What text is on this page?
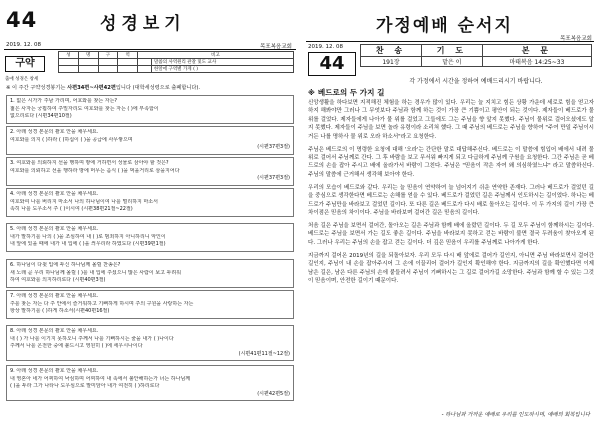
44	성경보기
2019. 12. 08	목포복음교회
구약
출애 성경은 창세
성	명	구	역	비고	
					말씀의 사역원리 관찰 및도 교사
					한알에 구역별 가게 ( )
※ 이 주간 구약성경봉기는 사편34편~사편42편입니다 (대학세성령으로 출폐합니다).
1. 없은 시가가 주남 가리며, 어호와를 찾는 자는?
젊은 사자는 궁핍하여 주밀자리도 여호와를 찾는 자는 ( )에 부족함이
없으리로다 (시편34편10절)
2. 아래 성경 본문의 괄호 안을 채우세요.
여호와를 의지 ( )하라 ( )하십이 ( )을 공급에 사무쌓으며
(시편37편3절)
3. 여호와를 의뢰하지 선을 행하며 땅에 거하면서 성물로 삼아야 할 것은?
여호와를 의뢰하고 선을 행하라 땅에 머무는 음식 ( )을 먹을거리로 삼을지어다
(시편37편3절)
4. 아래 성경 본문의 괄호 안을 채우세요.
여호와여 나를 버리지 마소서 나의 하나님이여 나를 멀리하지 마소서
속히 나를 도우소서 주 ( )이시여 (시편38편21절~22절)
5. 아래 성경 본문의 괄호 안을 채우세요.
내가 말하기를 나의 ( )을 조심하여 내 ( )로 범죄하지 아니하리니 악인이
내 앞에 있을 때에 내가 내 입에 ( )을 씌우리라 하였도다 (시편39편1절)
6. 하나님이 다윗 입에 두신 하나님께 올릴 찬송은?
새 노래 곧 우리 하나님께 올릴 ( )를 내 입에 주셨으니 많은 사람이 보고 두려워
하여 여호와를 의지하리로다 (시편40편3절)
7. 아래 성경 본문의 괄호 안을 채우세요.
주를 찾는 자는 다 주 안에서 즐거워하고 기뻐하게 하시며 주의 구원을 사랑하는 자는
항상 말하기를 ( )하게 하소서(시편40편16절)
8. 아래 성경 본문의 괄호 안을 채우세요.
내 ( ) 가 나를 이기지 못하오니 주께서 나를 기뻐하시는 줄을 내가 ( )나이다
주께서 나를 온전한 중에 붙드시고 영원히 ( )에 세우시나이다
(시편41편11절~12절)
9. 아래 성경 본문의 괄호 안을 채우세요.
내 영혼아 네가 어찌하여 낙심하며 어찌하여 내 속에서 불안해하는가 너는 하나님께
( )을 두라 그가 나타나 도우심으로 말미암아 내가 여전히 ( )하리로다
(시편42편5절)
가정예배 순서지
목포복음교회
2019. 12. 08
44
찬 송	기 도	본 문
191장	맡은 이	마태복음 14:25~33
각 가정에서 시간을 정하여 예배드리시기 바랍니다.
※ 베드로의 두 가지 길

신앙생활을 하다보면 지적해진 체험을 하는 경우가 많이 있다. 우리는 늘 지치고 힘든 상황 가운데 세로로 힘을 얻고자 하지 해봐야만 그러나 그 무엇보다 주님과 함께 하는 것이 가장 큰 기쁨이고 평안이 되는 것이다. 제자들이 베드로가 물 위를 걸었다. 제자들에게 나아가 물 위를 걸었고 그들에도 그는 주님을 향 앞지 못했다. 주님이 물위로 걸어오셨에도 알지 못했다. 제자들이 주님을 보면 놀라 유령이라 소리쳐 했다. 그 때 주님의 베드로는 주님을 향하여 "주여 만일 주님이시거든 나를 명하사 물 위로 오라 하소서"라고 요청한다.

주님은 베드로의 이 명령한 요청에 대해 '오라'는 간단한 말로 대답해주신다. 베드로는 이 말씀에 힘입어 배에서 내려 물위로 걸어서 주님께로 간다. 그 후 바람을 보고 무서워 빠지게 되고 다급하게 주님께 구원을 요청한다. 그간 주님은 곧 베드로의 손을 잡아 주시고 배에 올라가서 바람이 그친다. 주님은 "믿음이 작은 자여 왜 의심하였느냐" 라고 말씀하신다. 주님의 말씀에 근거해서 생각해 보아야 한다.

우리의 모습이 베드로와 같다. 우리는 늘 믿음이 연약하여 늘 넘어지기 쉬운 연약한 존재다. 그러나 베드로가 걸었던 길을 중심으로 생각한다면 베드로는 손해를 얻을 수 있다. 베드로가 걸었던 길은 주님께서 인도하시는 길이었다. 하나는 베드로가 주님만을 바라보고 걸었던 길이다. 또 다른 길은 베드로가 다시 배로 돌아오는 길이다. 이 두 가지의 길이 가장 큰 차이점은 믿음의 차이이다. 주님을 바라보며 걸어간 길은 믿음의 길이다.

처음 길은 주님을 보면서 걸어간, 돌아오는 길은 주님과 함께 배에 올랐던 길이다. 두 길 모두 주님이 함께하시는 길이다. 베드로는 주님을 보면서 가는 길도 좋은 길이다. 주님을 바라보지 못하고 걷는 바람이 불면 결국 두려움이 찾아오게 된다. 그러나 우리는 주님의 손을 잡고 걷는 길이다. 더 깊은 믿음이 우리를 주님께로 나아가게 한다.

지금까지 걸어온 2019년의 길을 되돌아보자. 우리 모두 다시 배 앞에로 걸어가 길인지, 아니면 주님 바라보면서 걸어간 길인지, 주님이 내 손을 잡아주시어 그 손에 이끌리어 걸어가 길인지 확인해야 한다. 지금까지의 길을 확인했다면 이제 남은 길은, 남은 다른 주님의 손에 붙들려서 주님이 기뻐하시는 그 길로 걸어가길 소망한다. 주님과 함께 할 수 있는 그것이 믿음이며, 안전한 길이기 때문이다.

- 하나님과 가까운 예배로 우리를 인도하시며, 예배의 회복입니다
